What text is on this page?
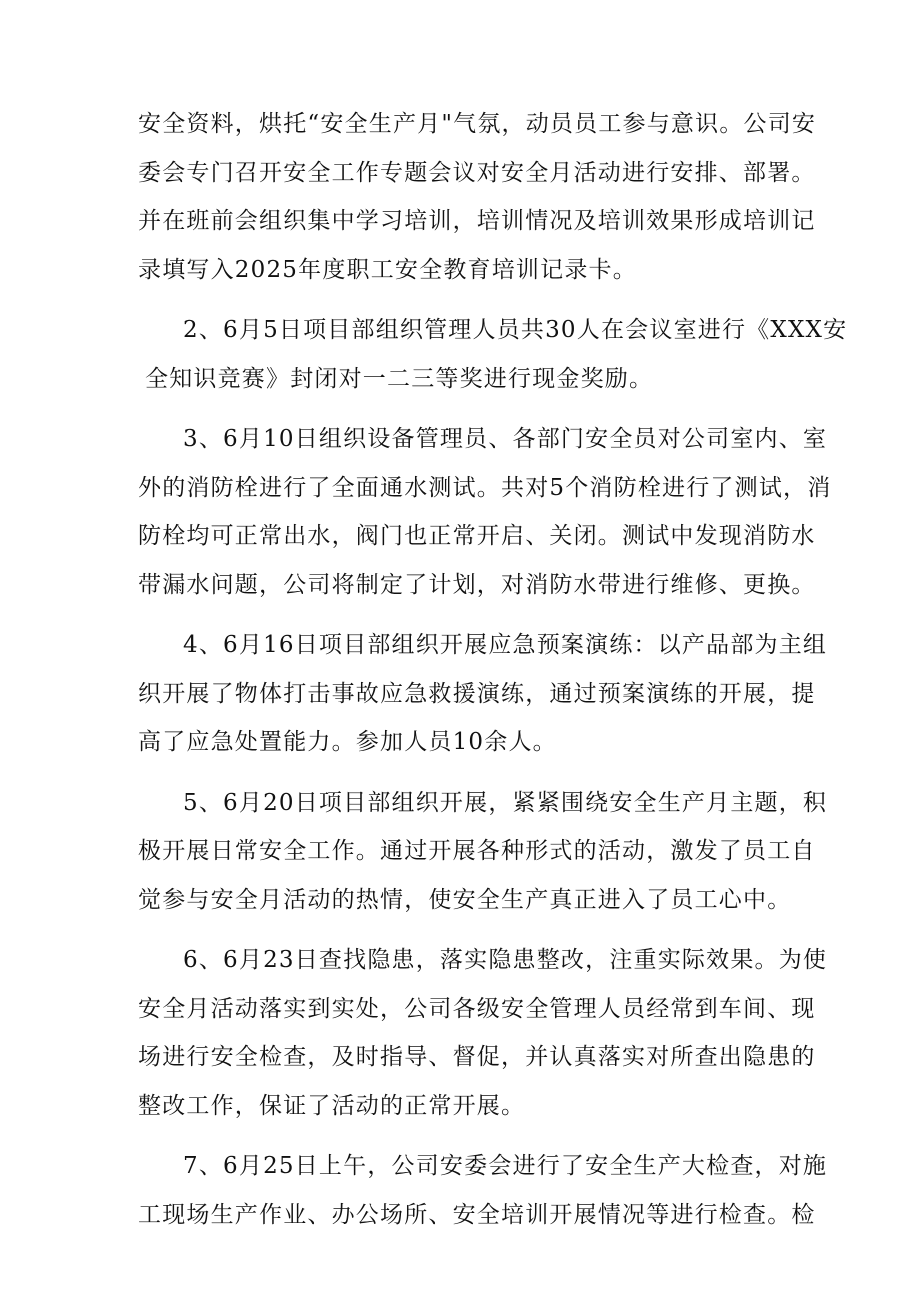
安全资料，烘托“安全生产月"气氛，动员员工参与意识。公司安
委会专门召开安全工作专题会议对安全月活动进行安排、部署。
并在班前会组织集中学习培训，培训情况及培训效果形成培训记
录填写入2025年度职工安全教育培训记录卡。
2、6月5日项目部组织管理人员共30人在会议室进行《XXX安
全知识竞赛》封闭对一二三等奖进行现金奖励。
3、6月10日组织设备管理员、各部门安全员对公司室内、室
外的消防栓进行了全面通水测试。共对5个消防栓进行了测试，消
防栓均可正常出水，阀门也正常开启、关闭。测试中发现消防水
带漏水问题，公司将制定了计划，对消防水带进行维修、更换。
4、6月16日项目部组织开展应急预案演练：以产品部为主组
织开展了物体打击事故应急救援演练，通过预案演练的开展，提
高了应急处置能力。参加人员10余人。
5、6月20日项目部组织开展，紧紧围绕安全生产月主题，积
极开展日常安全工作。通过开展各种形式的活动，激发了员工自
觉参与安全月活动的热情，使安全生产真正进入了员工心中。
6、6月23日查找隐患，落实隐患整改，注重实际效果。为使
安全月活动落实到实处，公司各级安全管理人员经常到车间、现
场进行安全检查，及时指导、督促，并认真落实对所查出隐患的
整改工作，保证了活动的正常开展。
7、6月25日上午，公司安委会进行了安全生产大检查，对施
工现场生产作业、办公场所、安全培训开展情况等进行检查。检
